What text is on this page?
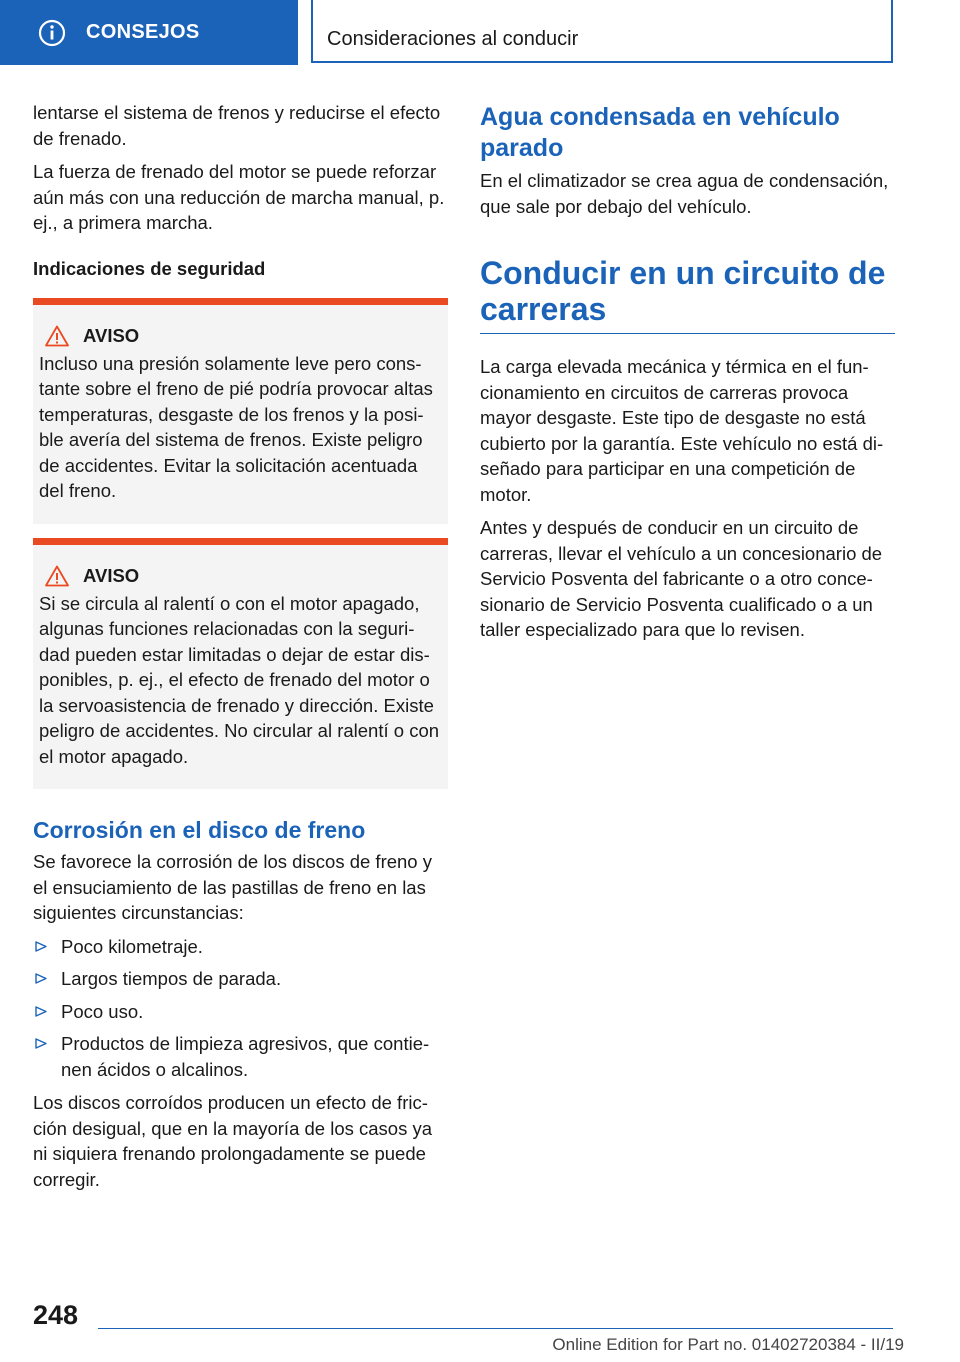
CONSEJOS	Consideraciones al conducir

lentarse el sistema de frenos y reducirse el efecto de frenado.

La fuerza de frenado del motor se puede reforzar aún más con una reducción de marcha manual, p. ej., a primera marcha.

Indicaciones de seguridad
AVISO

Incluso una presión solamente leve pero cons-tante sobre el freno de pié podría provocar altas temperaturas, desgaste de los frenos y la posi-ble avería del sistema de frenos. Existe peligro de accidentes. Evitar la solicitación acentuada del freno.

AVISO

Si se circula al ralentí o con el motor apagado, algunas funciones relacionadas con la seguri-dad pueden estar limitadas o dejar de estar dis-ponibles, p. ej., el efecto de frenado del motor o la servoasistencia de frenado y dirección. Existe peligro de accidentes. No circular al ralentí o con el motor apagado.

Corrosión en el disco de freno

Se favorece la corrosión de los discos de freno y el ensuciamiento de las pastillas de freno en las siguientes circunstancias:

Poco kilometraje.
Largos tiempos de parada.
Poco uso.
Productos de limpieza agresivos, que contie-nen ácidos o alcalinos.

Los discos corroídos producen un efecto de fric-ción desigual, que en la mayoría de los casos ya ni siquiera frenando prolongadamente se puede corregir.

Agua condensada en vehículo parado

En el climatizador se crea agua de condensación, que sale por debajo del vehículo.

Conducir en un circuito de carreras

La carga elevada mecánica y térmica en el fun-cionamiento en circuitos de carreras provoca mayor desgaste. Este tipo de desgaste no está cubierto por la garantía. Este vehículo no está di-señado para participar en una competición de motor.

Antes y después de conducir en un circuito de carreras, llevar el vehículo a un concesionario de Servicio Posventa del fabricante o a otro conce-sionario de Servicio Posventa cualificado o a un taller especializado para que lo revisen.

248
Online Edition for Part no. 01402720384 - II/19
